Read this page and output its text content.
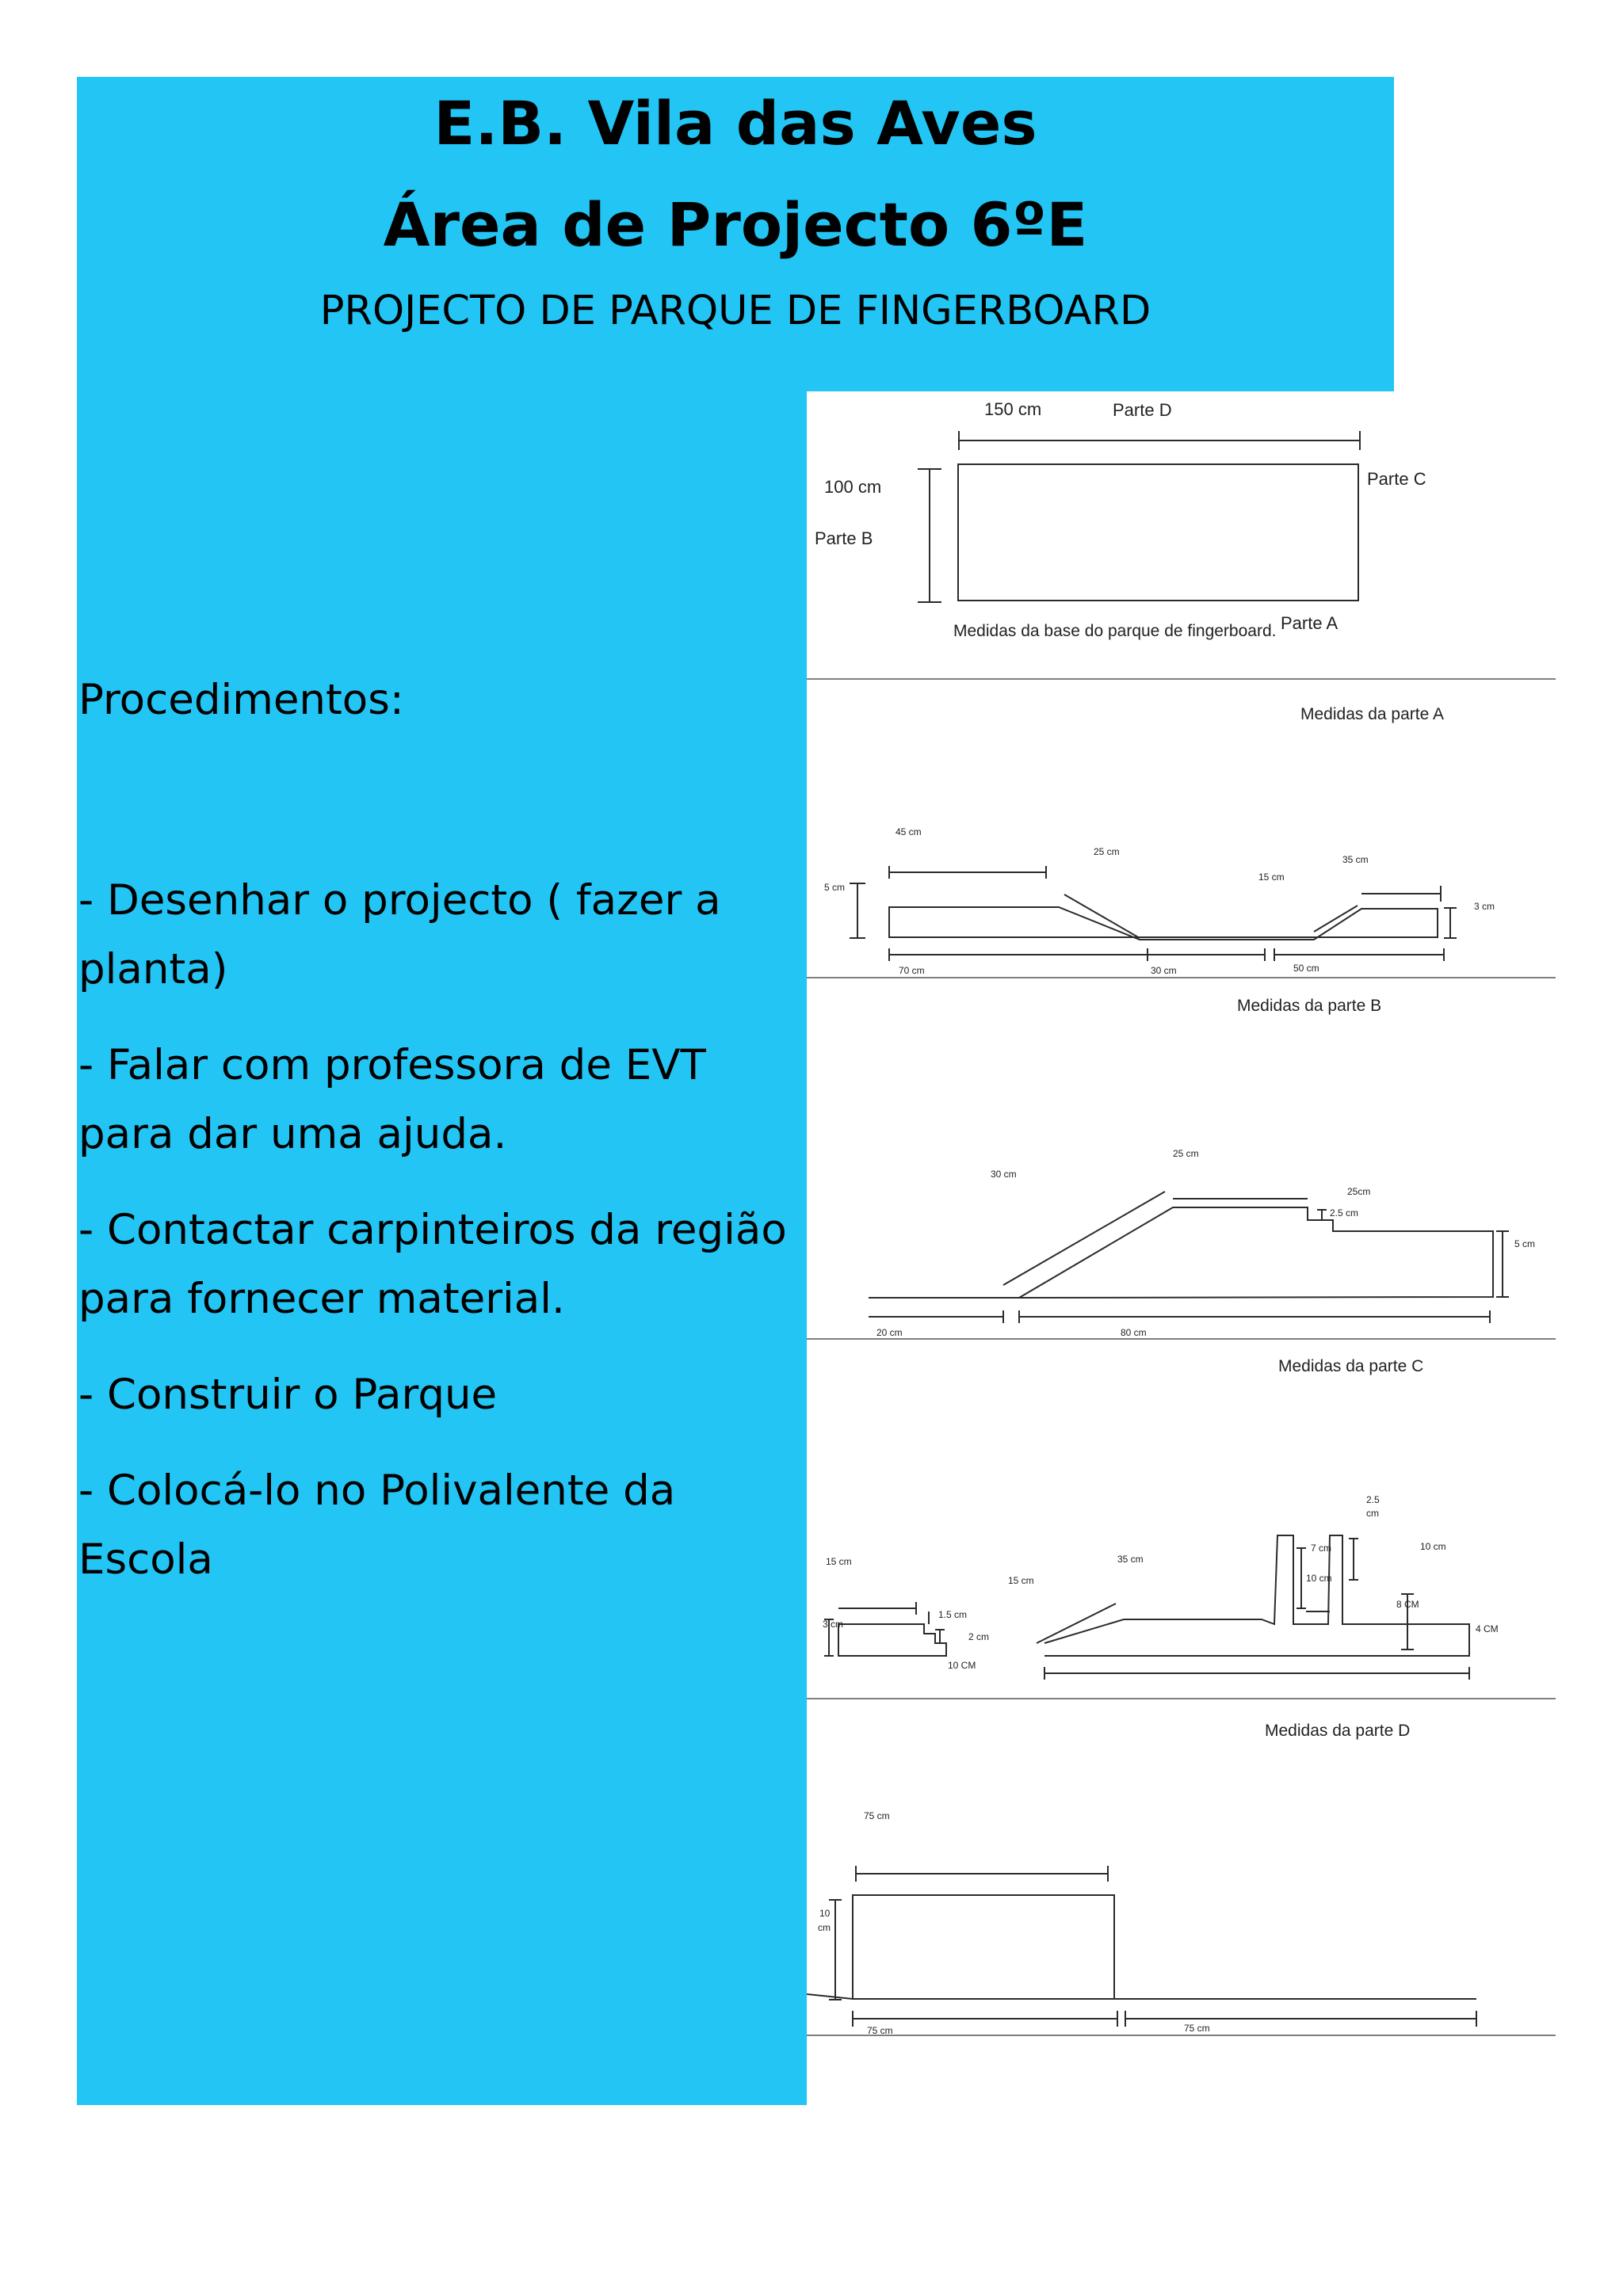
E.B. Vila das Aves
Área de Projecto 6ºE
PROJECTO DE PARQUE DE FINGERBOARD
Procedimentos:
- Desenhar o projecto ( fazer a planta)
- Falar com professora de EVT para dar uma ajuda.
- Contactar carpinteiros da região para fornecer material.
- Construir o Parque
- Colocá-lo no Polivalente da Escola
150 cm	Parte D
100 cm
Parte B
Parte C
Parte A
Medidas da base do parque de fingerboard.
Medidas da parte A
45 cm
25 cm
5 cm
15 cm
35 cm
3 cm
70 cm	30 cm	50 cm
Medidas da parte B
25 cm
30 cm
25cm
2.5 cm
5 cm
20 cm	80 cm
Medidas da parte C
2.5
cm
15 cm	35 cm
7 cm	10 cm
15 cm	10 cm
3 cm
1.5 cm
2 cm
8 CM
4 CM
10 CM
Medidas da parte D
75 cm
10
cm
75 cm	75 cm
